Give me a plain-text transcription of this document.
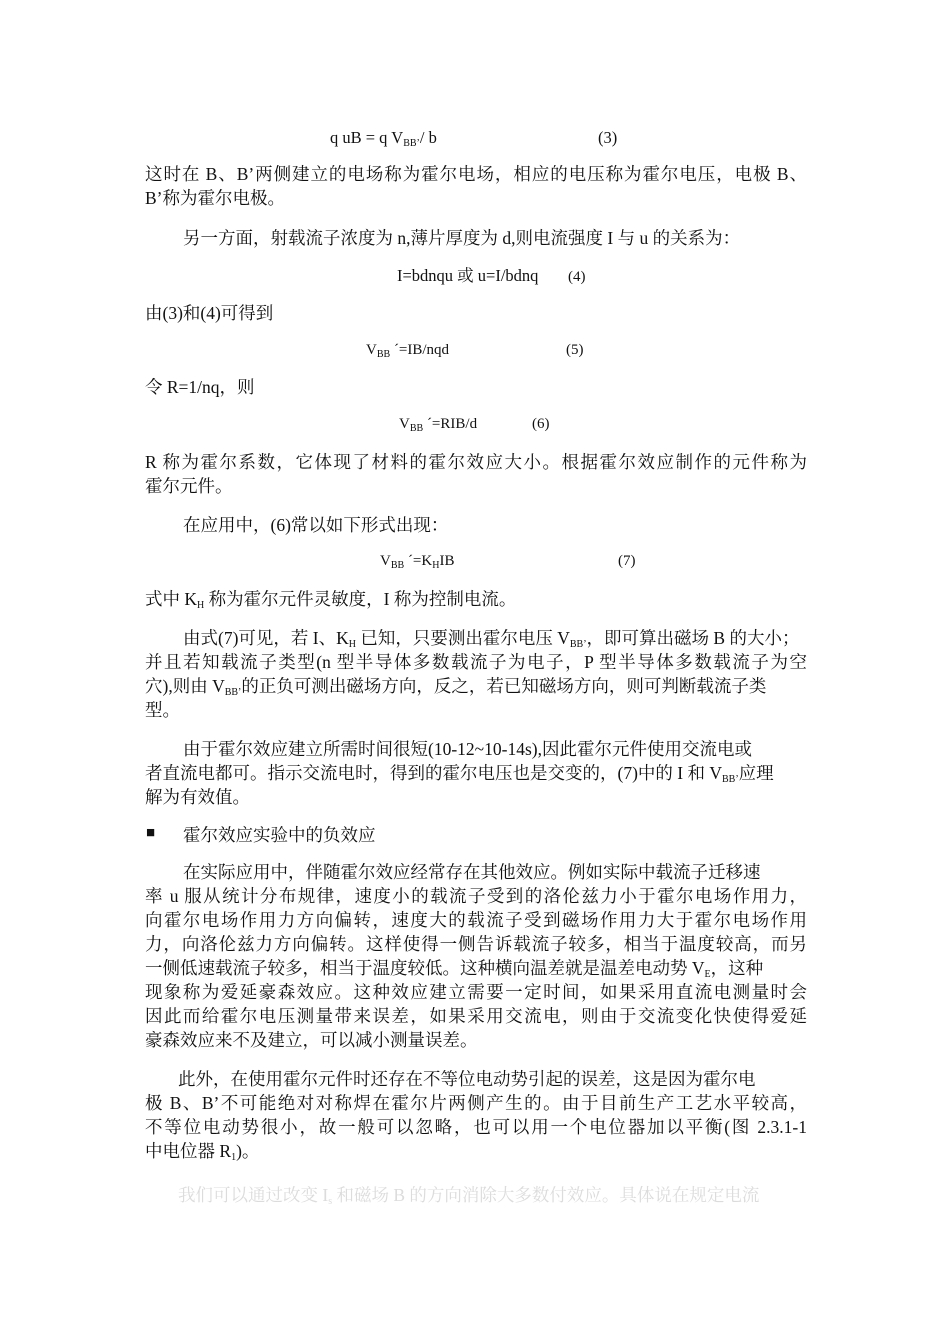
q uB = q $V_{BB’}/$ b	(3)
这时在 B、B’两侧建立的电场称为霍尔电场，相应的电压称为霍尔电压，电极 B、
B’称为霍尔电极。
另一方面，射载流子浓度为 n,薄片厚度为 d,则电流强度 I 与 u 的关系为：
I=bdnqu 或 u=I/bdnq (4)
由(3)和(4)可得到
$V_{BB}$ ˊ=IB/nqd	(5)
令 R=1/nq，则
$V_{BB}$ ˊ=RIB/d	(6)
R 称为霍尔系数，它体现了材料的霍尔效应大小。根据霍尔效应制作的元件称为
霍尔元件。
在应用中，(6)常以如下形式出现：
$V_{BB}$ $ˊ=K_HIB$	(7)
式中 $K_H$ 称为霍尔元件灵敏度，I 称为控制电流。
由式(7)可见，若 I、$K_H$ 已知，只要测出霍尔电压 $V_{BB’}$，即可算出磁场 B 的大小；
并且若知载流子类型(n 型半导体多数载流子为电子，P 型半导体多数载流子为空
穴),则由 $V_{BB’}$的正负可测出磁场方向，反之，若已知磁场方向，则可判断载流子类
型。
由于霍尔效应建立所需时间很短(10-12~10-14s),因此霍尔元件使用交流电或
者直流电都可。指示交流电时，得到的霍尔电压也是交变的，(7)中的 I 和 $V_{BB’}$应理
解为有效值。
■ 霍尔效应实验中的负效应
在实际应用中，伴随霍尔效应经常存在其他效应。例如实际中载流子迁移速
率 u 服从统计分布规律，速度小的载流子受到的洛伦兹力小于霍尔电场作用力，
向霍尔电场作用力方向偏转，速度大的载流子受到磁场作用力大于霍尔电场作用
力，向洛伦兹力方向偏转。这样使得一侧告诉载流子较多，相当于温度较高，而另
一侧低速载流子较多，相当于温度较低。这种横向温差就是温差电动势 $V_E$，这种
现象称为爱延豪森效应。这种效应建立需要一定时间，如果采用直流电测量时会
因此而给霍尔电压测量带来误差，如果采用交流电，则由于交流变化快使得爱延
豪森效应来不及建立，可以减小测量误差。
此外，在使用霍尔元件时还存在不等位电动势引起的误差，这是因为霍尔电
极 B、B’不可能绝对对称焊在霍尔片两侧产生的。由于目前生产工艺水平较高，
不等位电动势很小，故一般可以忽略，也可以用一个电位器加以平衡(图 2.3.1-1
中电位器 $R_1$)。
我们可以通过改变 $I_s$ 和磁场 B 的方向消除大多数付效应。具体说在规定电流
